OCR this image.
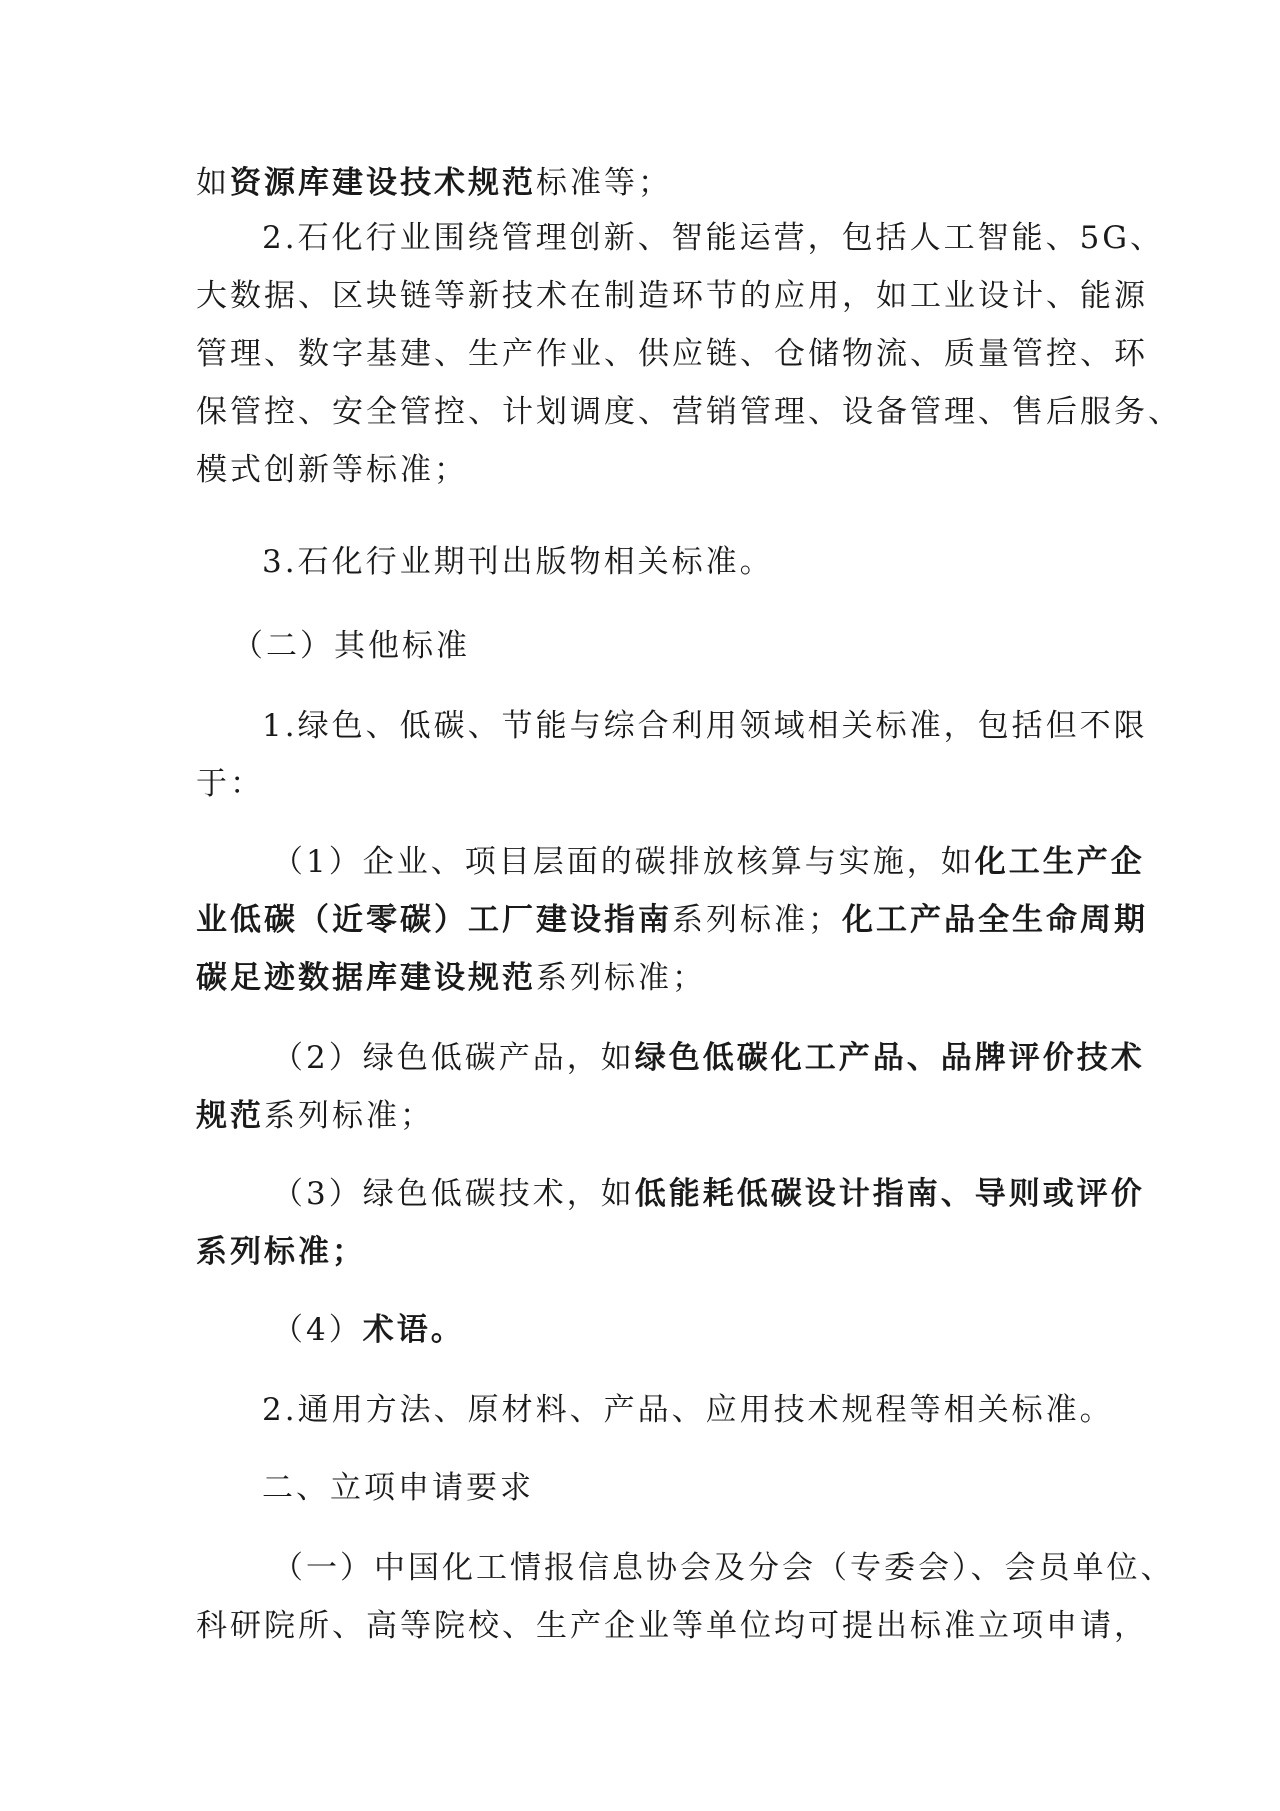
如资源库建设技术规范标准等；
2.石化行业围绕管理创新、智能运营，包括人工智能、5G、
大数据、区块链等新技术在制造环节的应用，如工业设计、能源
管理、数字基建、生产作业、供应链、仓储物流、质量管控、环
保管控、安全管控、计划调度、营销管理、设备管理、售后服务、
模式创新等标准；
3.石化行业期刊出版物相关标准。
（二）其他标准
1.绿色、低碳、节能与综合利用领域相关标准，包括但不限
于：
（1）企业、项目层面的碳排放核算与实施，如化工生产企
业低碳（近零碳）工厂建设指南系列标准；化工产品全生命周期
碳足迹数据库建设规范系列标准；
（2）绿色低碳产品，如绿色低碳化工产品、品牌评价技术
规范系列标准；
（3）绿色低碳技术，如低能耗低碳设计指南、导则或评价
系列标准；
（4）术语。
2.通用方法、原材料、产品、应用技术规程等相关标准。
二、立项申请要求
（一）中国化工情报信息协会及分会（专委会）、会员单位、
科研院所、高等院校、生产企业等单位均可提出标准立项申请，
